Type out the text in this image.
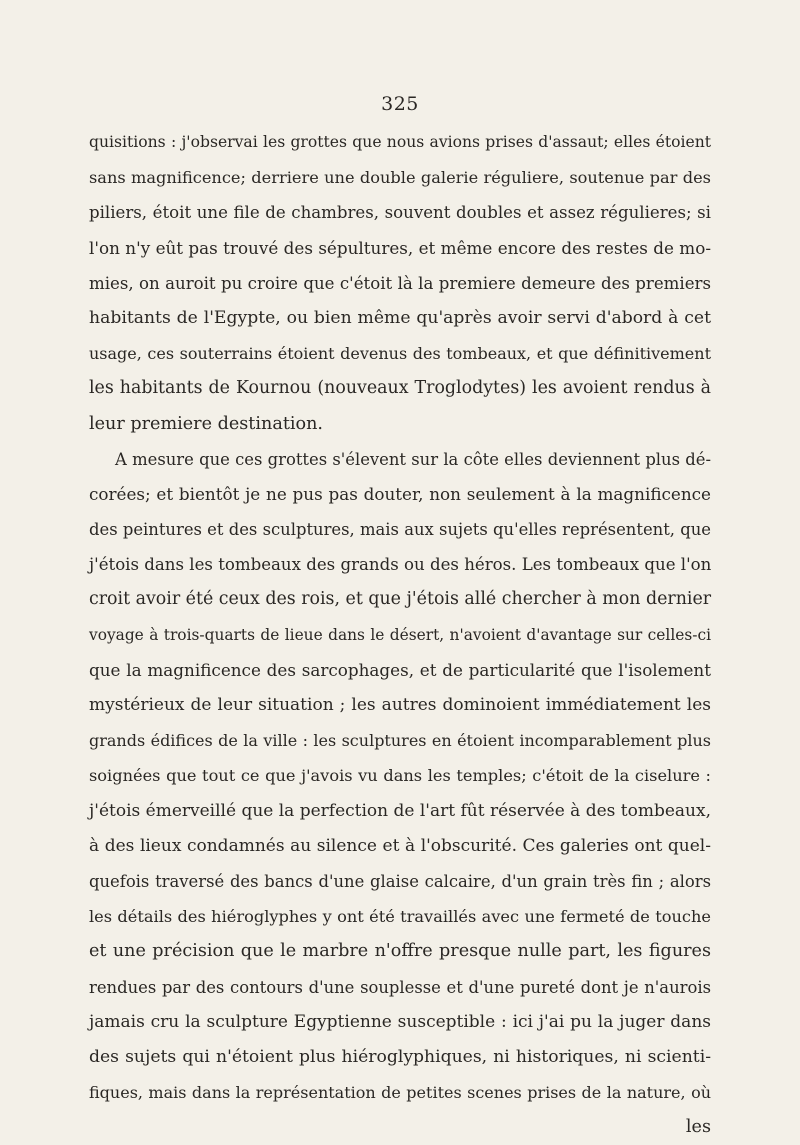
325
quisitions : j'observai les grottes que nous avions prises d'assaut; elles étoient
sans magnificence; derriere une double galerie réguliere, soutenue par des
piliers, étoit une file de chambres, souvent doubles et assez régulieres; si
l'on n'y eût pas trouvé des sépultures, et même encore des restes de mo-
mies, on auroit pu croire que c'étoit là la premiere demeure des premiers
habitants de l'Egypte, ou bien même qu'après avoir servi d'abord à cet
usage, ces souterrains étoient devenus des tombeaux, et que définitivement
les habitants de Kournou (nouveaux Troglodytes) les avoient rendus à
leur premiere destination.
A mesure que ces grottes s'élevent sur la côte elles deviennent plus dé-
corées; et bientôt je ne pus pas douter, non seulement à la magnificence
des peintures et des sculptures, mais aux sujets qu'elles représentent, que
j'étois dans les tombeaux des grands ou des héros. Les tombeaux que l'on
croit avoir été ceux des rois, et que j'étois allé chercher à mon dernier
voyage à trois-quarts de lieue dans le désert, n'avoient d'avantage sur celles-ci
que la magnificence des sarcophages, et de particularité que l'isolement
mystérieux de leur situation ; les autres dominoient immédiatement les
grands édifices de la ville : les sculptures en étoient incomparablement plus
soignées que tout ce que j'avois vu dans les temples; c'étoit de la ciselure :
j'étois émerveillé que la perfection de l'art fût réservée à des tombeaux,
à des lieux condamnés au silence et à l'obscurité. Ces galeries ont quel-
quefois traversé des bancs d'une glaise calcaire, d'un grain très fin ; alors
les détails des hiéroglyphes y ont été travaillés avec une fermeté de touche
et une précision que le marbre n'offre presque nulle part, les figures
rendues par des contours d'une souplesse et d'une pureté dont je n'aurois
jamais cru la sculpture Egyptienne susceptible : ici j'ai pu la juger dans
des sujets qui n'étoient plus hiéroglyphiques, ni historiques, ni scienti-
fiques, mais dans la représentation de petites scenes prises de la nature, où
les
